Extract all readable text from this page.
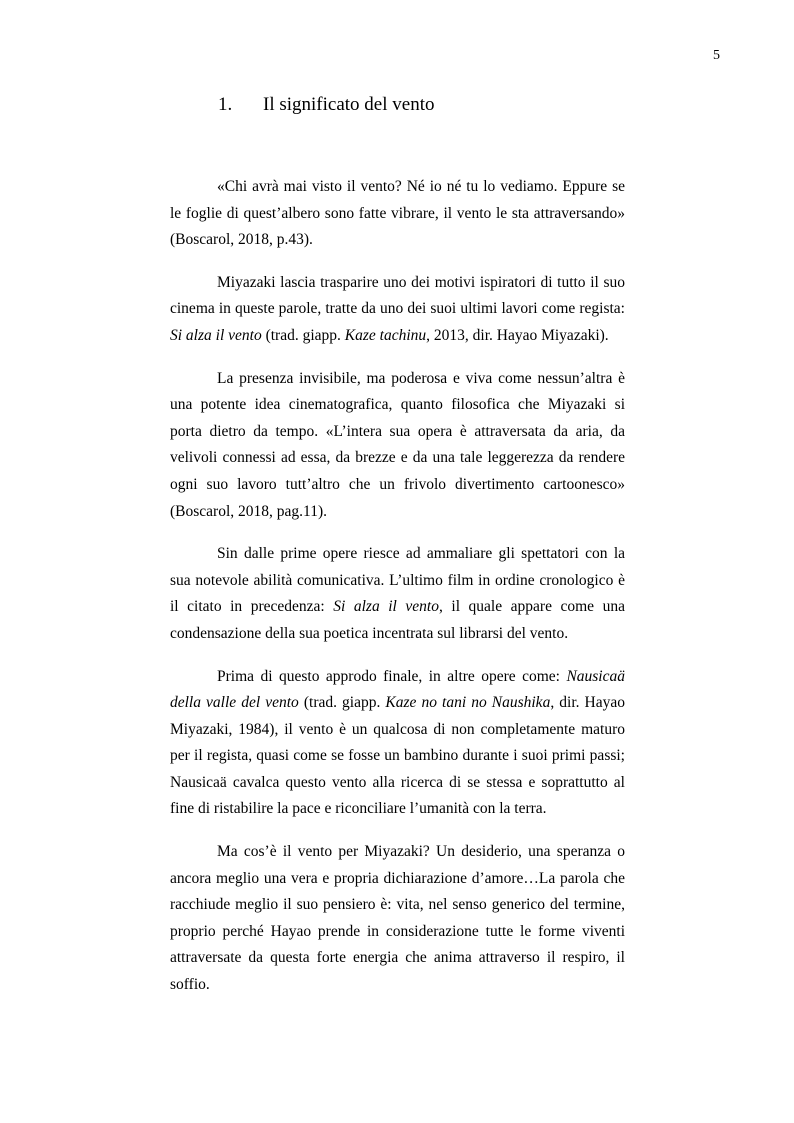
5
1. Il significato del vento

«Chi avrà mai visto il vento? Né io né tu lo vediamo. Eppure se le foglie di quest’albero sono fatte vibrare, il vento le sta attraversando» (Boscarol, 2018, p.43).

Miyazaki lascia trasparire uno dei motivi ispiratori di tutto il suo cinema in queste parole, tratte da uno dei suoi ultimi lavori come regista: Si alza il vento (trad. giapp. Kaze tachinu, 2013, dir. Hayao Miyazaki).

La presenza invisibile, ma poderosa e viva come nessun’altra è una potente idea cinematografica, quanto filosofica che Miyazaki si porta dietro da tempo. «L’intera sua opera è attraversata da aria, da velivoli connessi ad essa, da brezze e da una tale leggerezza da rendere ogni suo lavoro tutt’altro che un frivolo divertimento cartoonesco» (Boscarol, 2018, pag.11).

Sin dalle prime opere riesce ad ammaliare gli spettatori con la sua notevole abilità comunicativa. L’ultimo film in ordine cronologico è il citato in precedenza: Si alza il vento, il quale appare come una condensazione della sua poetica incentrata sul librarsi del vento.

Prima di questo approdo finale, in altre opere come: Nausicaä della valle del vento (trad. giapp. Kaze no tani no Naushika, dir. Hayao Miyazaki, 1984), il vento è un qualcosa di non completamente maturo per il regista, quasi come se fosse un bambino durante i suoi primi passi; Nausicaä cavalca questo vento alla ricerca di se stessa e soprattutto al fine di ristabilire la pace e riconciliare l’umanità con la terra.

Ma cos’è il vento per Miyazaki? Un desiderio, una speranza o ancora meglio una vera e propria dichiarazione d’amore…La parola che racchiude meglio il suo pensiero è: vita, nel senso generico del termine, proprio perché Hayao prende in considerazione tutte le forme viventi attraversate da questa forte energia che anima attraverso il respiro, il soffio.
